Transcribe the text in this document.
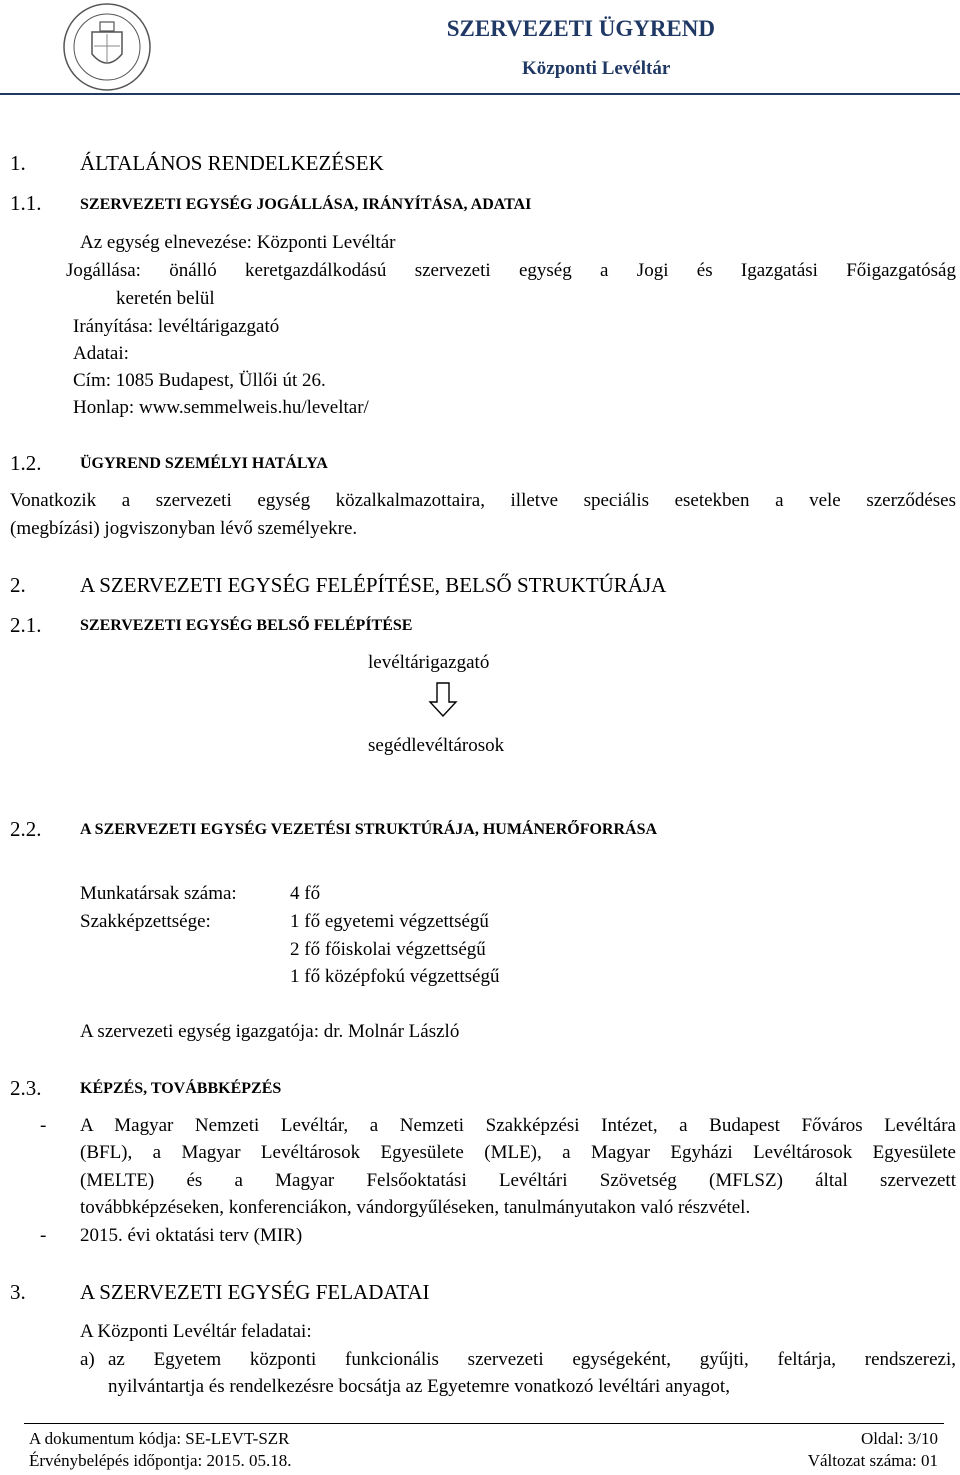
SZERVEZETI ÜGYREND
Központi Levéltár
1.	ÁLTALÁNOS RENDELKEZÉSEK
1.1. SZERVEZETI EGYSÉG JOGÁLLÁSA, IRÁNYÍTÁSA, ADATAI
Az egység elnevezése: Központi Levéltár
Jogállása: önálló keretgazdálkodású szervezeti egység a Jogi és Igazgatási Főigazgatóság
keretén belül
Irányítása: levéltárigazgató
Adatai:
Cím: 1085 Budapest, Üllői út 26.
Honlap: www.semmelweis.hu/leveltar/
1.2. ÜGYREND SZEMÉLYI HATÁLYA
Vonatkozik a szervezeti egység közalkalmazottaira, illetve speciális esetekben a vele szerződéses
(megbízási) jogviszonyban lévő személyekre.
2.	A SZERVEZETI EGYSÉG FELÉPÍTÉSE, BELSŐ STRUKTÚRÁJA
2.1. SZERVEZETI EGYSÉG BELSŐ FELÉPÍTÉSE
levéltárigazgató
segédlevéltárosok
2.2. A SZERVEZETI EGYSÉG VEZETÉSI STRUKTÚRÁJA, HUMÁNERŐFORRÁSA
Munkatársak száma:	4 fő
Szakképzettsége:	1 fő egyetemi végzettségű
2 fő főiskolai végzettségű
1 fő középfokú végzettségű
A szervezeti egység igazgatója: dr. Molnár László
2.3. KÉPZÉS, TOVÁBBKÉPZÉS
- A Magyar Nemzeti Levéltár, a Nemzeti Szakképzési Intézet, a Budapest Főváros Levéltára
(BFL), a Magyar Levéltárosok Egyesülete (MLE), a Magyar Egyházi Levéltárosok Egyesülete
(MELTE) és a Magyar Felsőoktatási Levéltári Szövetség (MFLSZ) által szervezett
továbbképzéseken, konferenciákon, vándorgyűléseken, tanulmányutakon való részvétel.
- 2015. évi oktatási terv (MIR)
3.	A SZERVEZETI EGYSÉG FELADATAI
A Központi Levéltár feladatai:
a) az Egyetem központi funkcionális szervezeti egységeként, gyűjti, feltárja, rendszerezi,
nyilvántartja és rendelkezésre bocsátja az Egyetemre vonatkozó levéltári anyagot,
A dokumentum kódja: SE-LEVT-SZR	Oldal: 3/10
Érvénybelépés időpontja: 2015. 05.18.	Változat száma: 01
